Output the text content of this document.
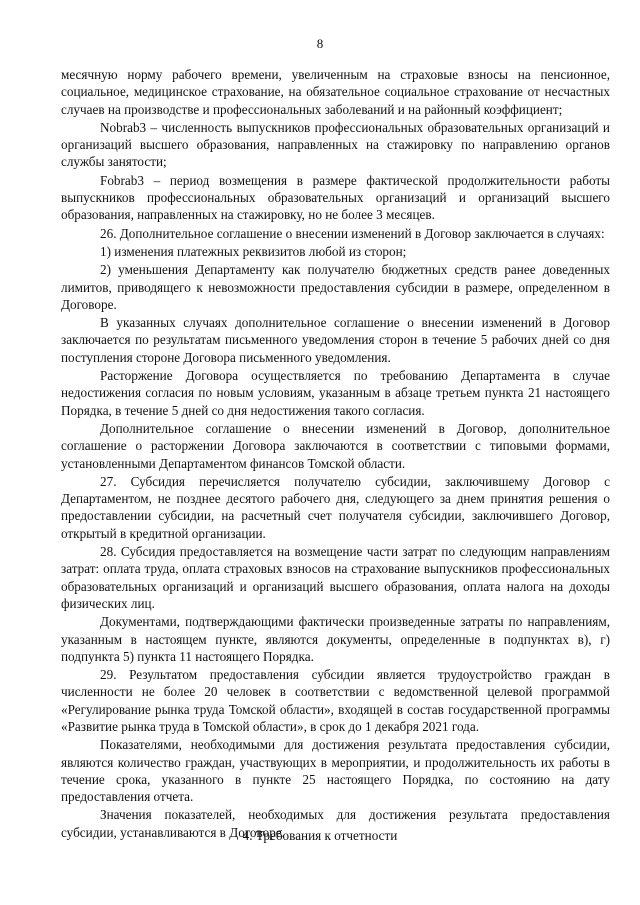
8

месячную норму рабочего времени, увеличенным на страховые взносы на пенсионное, социальное, медицинское страхование, на обязательное социальное страхование от несчастных случаев на производстве и профессиональных заболеваний и на районный коэффициент;

Nobrab3 – численность выпускников профессиональных образовательных организаций и организаций высшего образования, направленных на стажировку по направлению органов службы занятости;

Fobrab3 – период возмещения в размере фактической продолжительности работы выпускников профессиональных образовательных организаций и организаций высшего образования, направленных на стажировку, но не более 3 месяцев.

26. Дополнительное соглашение о внесении изменений в Договор заключается в случаях:

1) изменения платежных реквизитов любой из сторон;

2) уменьшения Департаменту как получателю бюджетных средств ранее доведенных лимитов, приводящего к невозможности предоставления субсидии в размере, определенном в Договоре.

В указанных случаях дополнительное соглашение о внесении изменений в Договор заключается по результатам письменного уведомления сторон в течение 5 рабочих дней со дня поступления стороне Договора письменного уведомления.

Расторжение Договора осуществляется по требованию Департамента в случае недостижения согласия по новым условиям, указанным в абзаце третьем пункта 21 настоящего Порядка, в течение 5 дней со дня недостижения такого согласия.

Дополнительное соглашение о внесении изменений в Договор, дополнительное соглашение о расторжении Договора заключаются в соответствии с типовыми формами, установленными Департаментом финансов Томской области.

27. Субсидия перечисляется получателю субсидии, заключившему Договор с Департаментом, не позднее десятого рабочего дня, следующего за днем принятия решения о предоставлении субсидии, на расчетный счет получателя субсидии, заключившего Договор, открытый в кредитной организации.

28. Субсидия предоставляется на возмещение части затрат по следующим направлениям затрат: оплата труда, оплата страховых взносов на страхование выпускников профессиональных образовательных организаций и организаций высшего образования, оплата налога на доходы физических лиц.

Документами, подтверждающими фактически произведенные затраты по направлениям, указанным в настоящем пункте, являются документы, определенные в подпунктах в), г) подпункта 5) пункта 11 настоящего Порядка.

29. Результатом предоставления субсидии является трудоустройство граждан в численности не более 20 человек в соответствии с ведомственной целевой программой «Регулирование рынка труда Томской области», входящей в состав государственной программы «Развитие рынка труда в Томской области», в срок до 1 декабря 2021 года.

Показателями, необходимыми для достижения результата предоставления субсидии, являются количество граждан, участвующих в мероприятии, и продолжительность их работы в течение срока, указанного в пункте 25 настоящего Порядка, по состоянию на дату предоставления отчета.

Значения показателей, необходимых для достижения результата предоставления субсидии, устанавливаются в Договоре.

4. Требования к отчетности
